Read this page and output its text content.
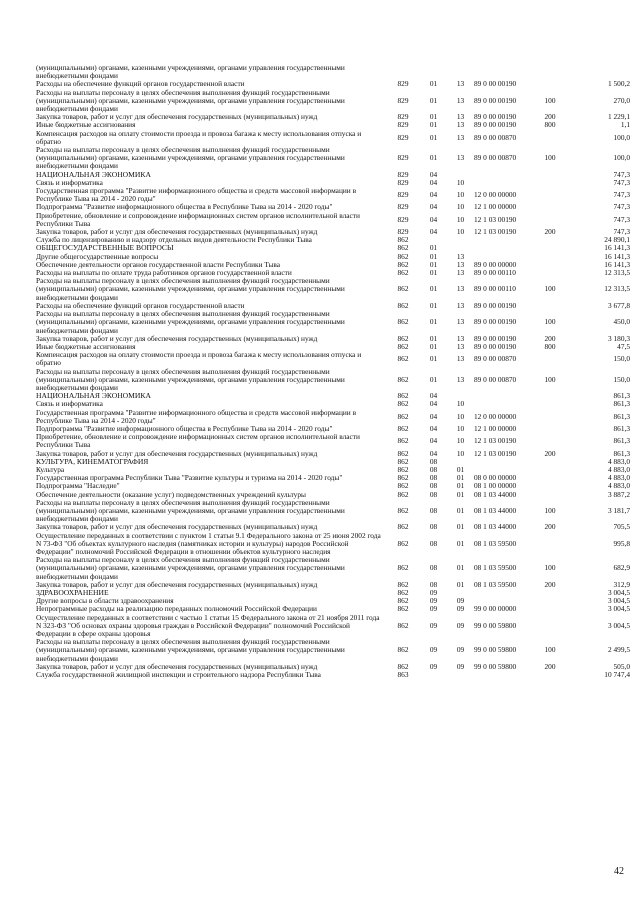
(муниципальными) органами, казенными учреждениями, органами управления государственными внебюджетными фондами						
Расходы на обеспечение функций органов государственной власти	829	01	13	89 0 00 00190		1 500,2
Расходы на выплаты персоналу в целях обеспечения выполнения функций государственными (муниципальными) органами, казенными учреждениями, органами управления государственными внебюджетными фондами	829	01	13	89 0 00 00190	100	270,0
Закупка товаров, работ и услуг для обеспечения государственных (муниципальных) нужд	829	01	13	89 0 00 00190	200	1 229,1
Иные бюджетные ассигнования	829	01	13	89 0 00 00190	800	1,1
Компенсация расходов на оплату стоимости проезда и провоза багажа к месту использования отпуска и обратно	829	01	13	89 0 00 00870		100,0
Расходы на выплаты персоналу в целях обеспечения выполнения функций государственными (муниципальными) органами, казенными учреждениями, органами управления государственными внебюджетными фондами	829	01	13	89 0 00 00870	100	100,0
НАЦИОНАЛЬНАЯ ЭКОНОМИКА	829	04				747,3
Связь и информатика	829	04	10			747,3
Государственная программа "Развитие информационного общества и средств массовой информации в Республике Тыва на 2014 - 2020 годы"	829	04	10	12 0 00 00000		747,3
Подпрограмма "Развитие информационного общества в Республике Тыва на 2014 - 2020 годы"	829	04	10	12 1 00 00000		747,3
Приобретение, обновление и сопровождение информационных систем органов исполнительной власти Республики Тыва	829	04	10	12 1 03 00190		747,3
Закупка товаров, работ и услуг для обеспечения государственных (муниципальных) нужд	829	04	10	12 1 03 00190	200	747,3
Служба по лицензированию и надзору отдельных видов деятельности Республики Тыва	862					24 890,1
ОБЩЕГОСУДАРСТВЕННЫЕ ВОПРОСЫ	862	01				16 141,3
Другие общегосударственные вопросы	862	01	13			16 141,3
Обеспечение деятельности органов государственной власти Республики Тыва	862	01	13	89 0 00 00000		16 141,3
Расходы на выплаты по оплате труда работников органов государственной власти	862	01	13	89 0 00 00110		12 313,5
Расходы на выплаты персоналу в целях обеспечения выполнения функций государственными (муниципальными) органами, казенными учреждениями, органами управления государственными внебюджетными фондами	862	01	13	89 0 00 00110	100	12 313,5
Расходы на обеспечение функций органов государственной власти	862	01	13	89 0 00 00190		3 677,8
Расходы на выплаты персоналу в целях обеспечения выполнения функций государственными (муниципальными) органами, казенными учреждениями, органами управления государственными внебюджетными фондами	862	01	13	89 0 00 00190	100	450,0
Закупка товаров, работ и услуг для обеспечения государственных (муниципальных) нужд	862	01	13	89 0 00 00190	200	3 180,3
Иные бюджетные ассигнования	862	01	13	89 0 00 00190	800	47,5
Компенсация расходов на оплату стоимости проезда и провоза багажа к месту использования отпуска и обратно	862	01	13	89 0 00 00870		150,0
Расходы на выплаты персоналу в целях обеспечения выполнения функций государственными (муниципальными) органами, казенными учреждениями, органами управления государственными внебюджетными фондами	862	01	13	89 0 00 00870	100	150,0
НАЦИОНАЛЬНАЯ ЭКОНОМИКА	862	04				861,3
Связь и информатика	862	04	10			861,3
Государственная программа "Развитие информационного общества и средств массовой информации в Республике Тыва на 2014 - 2020 годы"	862	04	10	12 0 00 00000		861,3
Подпрограмма "Развитие информационного общества в Республике Тыва на 2014 - 2020 годы"	862	04	10	12 1 00 00000		861,3
Приобретение, обновление и сопровождение информационных систем органов исполнительной власти Республики Тыва	862	04	10	12 1 03 00190		861,3
Закупка товаров, работ и услуг для обеспечения государственных (муниципальных) нужд	862	04	10	12 1 03 00190	200	861,3
КУЛЬТУРА, КИНЕМАТОГРАФИЯ	862	08				4 883,0
Культура	862	08	01			4 883,0
Государственная программа Республики Тыва "Развитие культуры и туризма на 2014 - 2020 годы"	862	08	01	08 0 00 00000		4 883,0
Подпрограмма "Наследие"	862	08	01	08 1 00 00000		4 883,0
Обеспечение деятельности (оказание услуг) подведомственных учреждений культуры	862	08	01	08 1 03 44000		3 887,2
Расходы на выплаты персоналу в целях обеспечения выполнения функций государственными (муниципальными) органами, казенными учреждениями, органами управления государственными внебюджетными фондами	862	08	01	08 1 03 44000	100	3 181,7
Закупка товаров, работ и услуг для обеспечения государственных (муниципальных) нужд	862	08	01	08 1 03 44000	200	705,5
Осуществление переданных в соответствии с пунктом 1 статьи 9.1 Федерального закона от 25 июня 2002 года N 73-ФЗ "Об объектах культурного наследия (памятниках истории и культуры) народов Российской Федерации" полномочий Российской Федерации в отношении объектов культурного наследия	862	08	01	08 1 03 59500		995,8
Расходы на выплаты персоналу в целях обеспечения выполнения функций государственными (муниципальными) органами, казенными учреждениями, органами управления государственными внебюджетными фондами	862	08	01	08 1 03 59500	100	682,9
Закупка товаров, работ и услуг для обеспечения государственных (муниципальных) нужд	862	08	01	08 1 03 59500	200	312,9
ЗДРАВООХРАНЕНИЕ	862	09				3 004,5
Другие вопросы в области здравоохранения	862	09	09			3 004,5
Непрограммные расходы на реализацию переданных полномочий Российской Федерации	862	09	09	99 0 00 00000		3 004,5
Осуществление переданных в соответствии с частью 1 статьи 15 Федерального закона от 21 ноября 2011 года N 323-ФЗ "Об основах охраны здоровья граждан в Российской Федерации" полномочий Российской Федерации в сфере охраны здоровья	862	09	09	99 0 00 59800		3 004,5
Расходы на выплаты персоналу в целях обеспечения выполнения функций государственными (муниципальными) органами, казенными учреждениями, органами управления государственными внебюджетными фондами	862	09	09	99 0 00 59800	100	2 499,5
Закупка товаров, работ и услуг для обеспечения государственных (муниципальных) нужд	862	09	09	99 0 00 59800	200	505,0
Служба государственной жилищной инспекции и строительного надзора Республики Тыва	863					10 747,4
42
